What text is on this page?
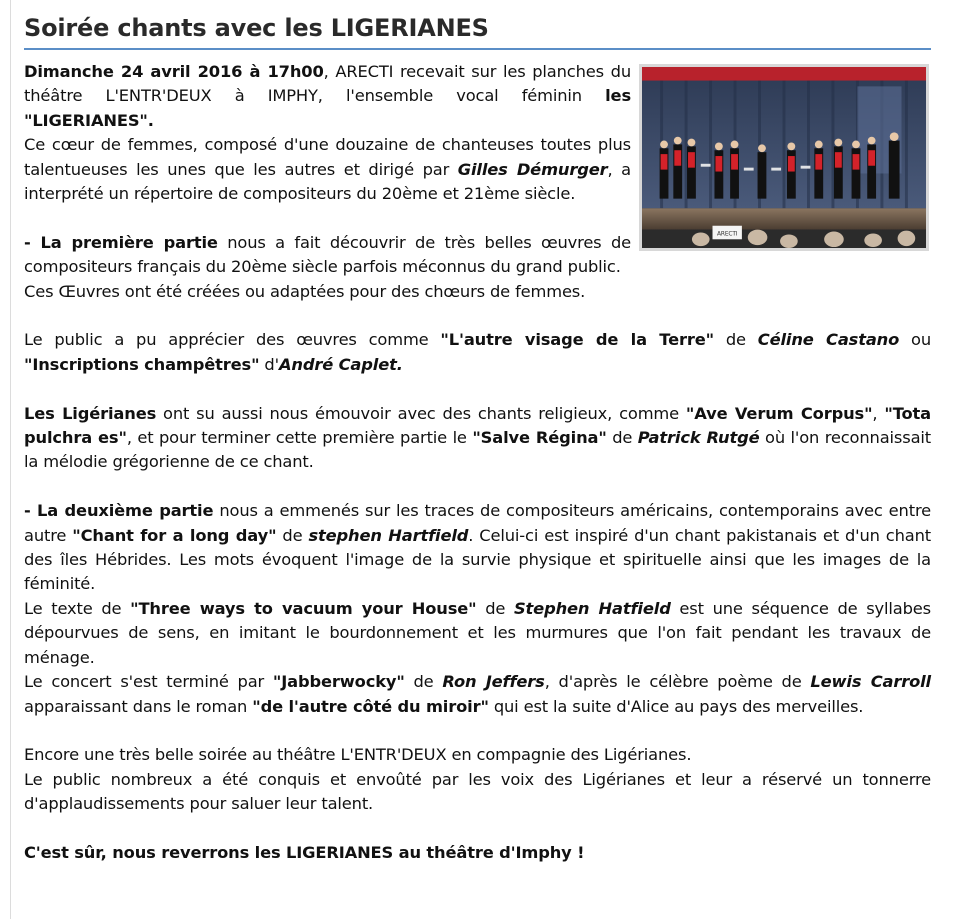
Soirée chants avec les LIGERIANES
ARECTI

Dimanche 24 avril 2016 à 17h00, ARECTI recevait sur les planches du théâtre L'ENTR'DEUX à IMPHY, l'ensemble vocal féminin les "LIGERIANES".

Ce cœur de femmes, composé d'une douzaine de chanteuses toutes plus talentueuses les unes que les autres et dirigé par Gilles Démurger, a interprété un répertoire de compositeurs du 20ème et 21ème siècle.

- La première partie nous a fait découvrir de très belles œuvres de compositeurs français du 20ème siècle parfois méconnus du grand public.

Ces Œuvres ont été créées ou adaptées pour des chœurs de femmes.

Le public a pu apprécier des œuvres comme "L'autre visage de la Terre" de Céline Castano ou "Inscriptions champêtres" d'André Caplet.

Les Ligérianes ont su aussi nous émouvoir avec des chants religieux, comme "Ave Verum Corpus", "Tota pulchra es", et pour terminer cette première partie le "Salve Régina" de Patrick Rutgé où l'on reconnaissait la mélodie grégorienne de ce chant.

- La deuxième partie nous a emmenés sur les traces de compositeurs américains, contemporains avec entre autre "Chant for a long day" de stephen Hartfield. Celui-ci est inspiré d'un chant pakistanais et d'un chant des îles Hébrides. Les mots évoquent l'image de la survie physique et spirituelle ainsi que les images de la féminité.

Le texte de "Three ways to vacuum your House" de Stephen Hatfield est une séquence de syllabes dépourvues de sens, en imitant le bourdonnement et les murmures que l'on fait pendant les travaux de ménage.

Le concert s'est terminé par "Jabberwocky" de Ron Jeffers, d'après le célèbre poème de Lewis Carroll apparaissant dans le roman "de l'autre côté du miroir" qui est la suite d'Alice au pays des merveilles.

Encore une très belle soirée au théâtre L'ENTR'DEUX en compagnie des Ligérianes.

Le public nombreux a été conquis et envoûté par les voix des Ligérianes et leur a réservé un tonnerre d'applaudissements pour saluer leur talent.

C'est sûr, nous reverrons les LIGERIANES au théâtre d'Imphy !
